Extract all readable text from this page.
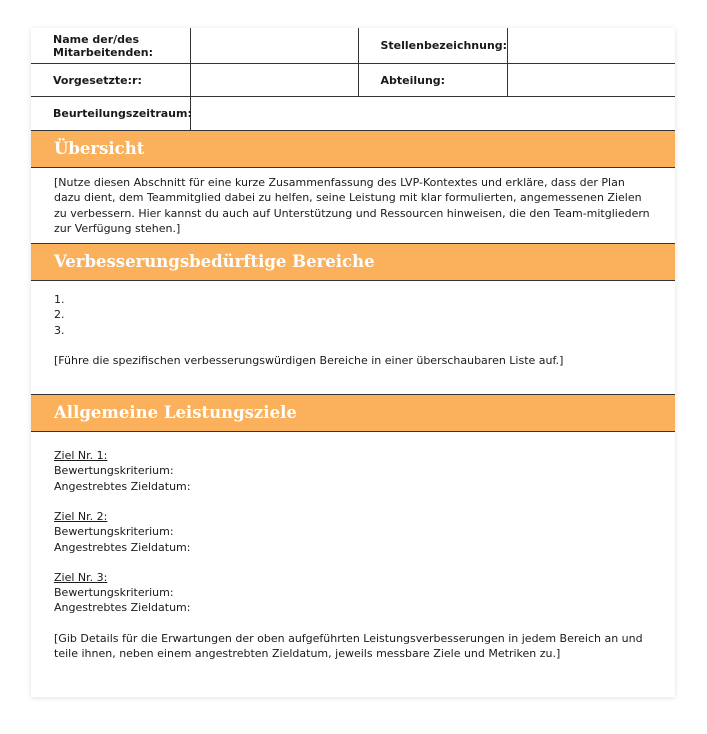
Name der/des Mitarbeitenden:		Stellenbezeichnung:	
Vorgesetzte:r:		Abteilung:	
Beurteilungszeitraum:			
Übersicht
[Nutze diesen Abschnitt für eine kurze Zusammenfassung des LVP-Kontextes und erkläre, dass der Plan dazu dient, dem Teammitglied dabei zu helfen, seine Leistung mit klar formulierten, angemessenen Zielen zu verbessern. Hier kannst du auch auf Unterstützung und Ressourcen hinweisen, die den Team-mitgliedern zur Verfügung stehen.]
Verbesserungsbedürftige Bereiche
1.
2.
3.
[Führe die spezifischen verbesserungswürdigen Bereiche in einer überschaubaren Liste auf.]
Allgemeine Leistungsziele
Ziel Nr. 1:
Bewertungskriterium:
Angestrebtes Zieldatum:
Ziel Nr. 2:
Bewertungskriterium:
Angestrebtes Zieldatum:
Ziel Nr. 3:
Bewertungskriterium:
Angestrebtes Zieldatum:
[Gib Details für die Erwartungen der oben aufgeführten Leistungsverbesserungen in jedem Bereich an und teile ihnen, neben einem angestrebten Zieldatum, jeweils messbare Ziele und Metriken zu.]
